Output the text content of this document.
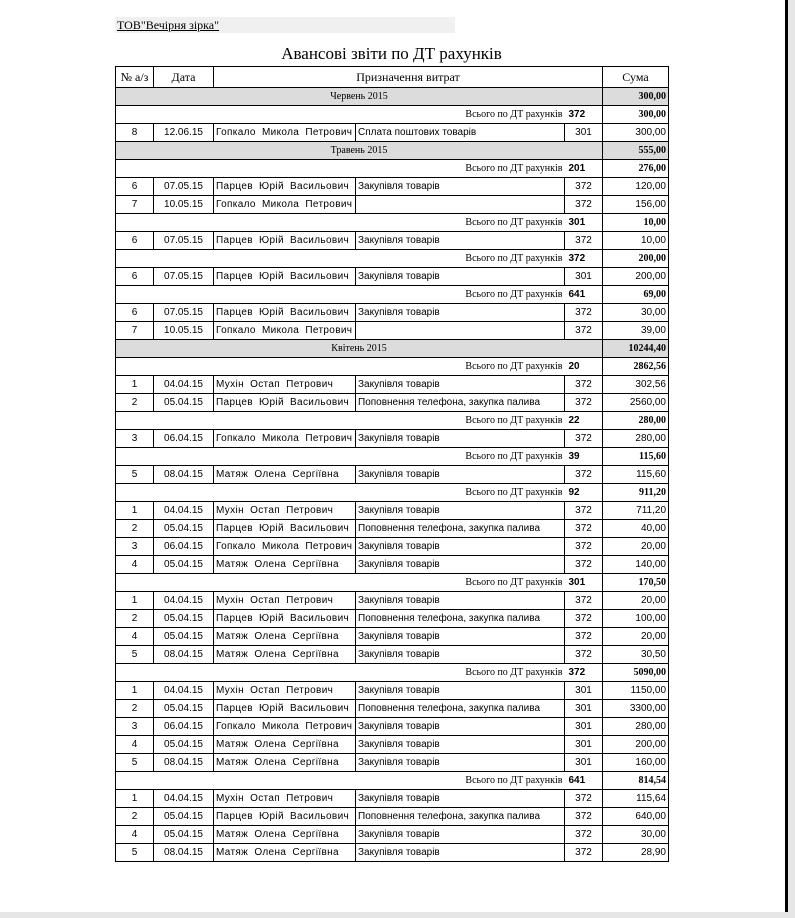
ТОВ"Вечірня зірка"
Авансові звіти по ДТ рахунків
№ а/з	Дата	Призначення витрат			Сума
Червень 2015					300,00
Всього по ДТ рахунків				372	300,00
8	12.06.15	Гопкало Микола Петрович	Сплата поштових товарів	301	300,00
Травень 2015					555,00
Всього по ДТ рахунків				201	276,00
6	07.05.15	Парцев Юрій Васильович	Закупівля товарів	372	120,00
7	10.05.15	Гопкало Микола Петрович		372	156,00
Всього по ДТ рахунків				301	10,00
6	07.05.15	Парцев Юрій Васильович	Закупівля товарів	372	10,00
Всього по ДТ рахунків				372	200,00
6	07.05.15	Парцев Юрій Васильович	Закупівля товарів	301	200,00
Всього по ДТ рахунків				641	69,00
6	07.05.15	Парцев Юрій Васильович	Закупівля товарів	372	30,00
7	10.05.15	Гопкало Микола Петрович		372	39,00
Квітень 2015					10244,40
Всього по ДТ рахунків				20	2862,56
1	04.04.15	Мухін Остап Петрович	Закупівля товарів	372	302,56
2	05.04.15	Парцев Юрій Васильович	Поповнення телефона, закупка палива	372	2560,00
Всього по ДТ рахунків				22	280,00
3	06.04.15	Гопкало Микола Петрович	Закупівля товарів	372	280,00
Всього по ДТ рахунків				39	115,60
5	08.04.15	Матяж Олена Сергіївна	Закупівля товарів	372	115,60
Всього по ДТ рахунків				92	911,20
1	04.04.15	Мухін Остап Петрович	Закупівля товарів	372	711,20
2	05.04.15	Парцев Юрій Васильович	Поповнення телефона, закупка палива	372	40,00
3	06.04.15	Гопкало Микола Петрович	Закупівля товарів	372	20,00
4	05.04.15	Матяж Олена Сергіївна	Закупівля товарів	372	140,00
Всього по ДТ рахунків				301	170,50
1	04.04.15	Мухін Остап Петрович	Закупівля товарів	372	20,00
2	05.04.15	Парцев Юрій Васильович	Поповнення телефона, закупка палива	372	100,00
4	05.04.15	Матяж Олена Сергіївна	Закупівля товарів	372	20,00
5	08.04.15	Матяж Олена Сергіївна	Закупівля товарів	372	30,50
Всього по ДТ рахунків				372	5090,00
1	04.04.15	Мухін Остап Петрович	Закупівля товарів	301	1150,00
2	05.04.15	Парцев Юрій Васильович	Поповнення телефона, закупка палива	301	3300,00
3	06.04.15	Гопкало Микола Петрович	Закупівля товарів	301	280,00
4	05.04.15	Матяж Олена Сергіївна	Закупівля товарів	301	200,00
5	08.04.15	Матяж Олена Сергіївна	Закупівля товарів	301	160,00
Всього по ДТ рахунків				641	814,54
1	04.04.15	Мухін Остап Петрович	Закупівля товарів	372	115,64
2	05.04.15	Парцев Юрій Васильович	Поповнення телефона, закупка палива	372	640,00
4	05.04.15	Матяж Олена Сергіївна	Закупівля товарів	372	30,00
5	08.04.15	Матяж Олена Сергіївна	Закупівля товарів	372	28,90
